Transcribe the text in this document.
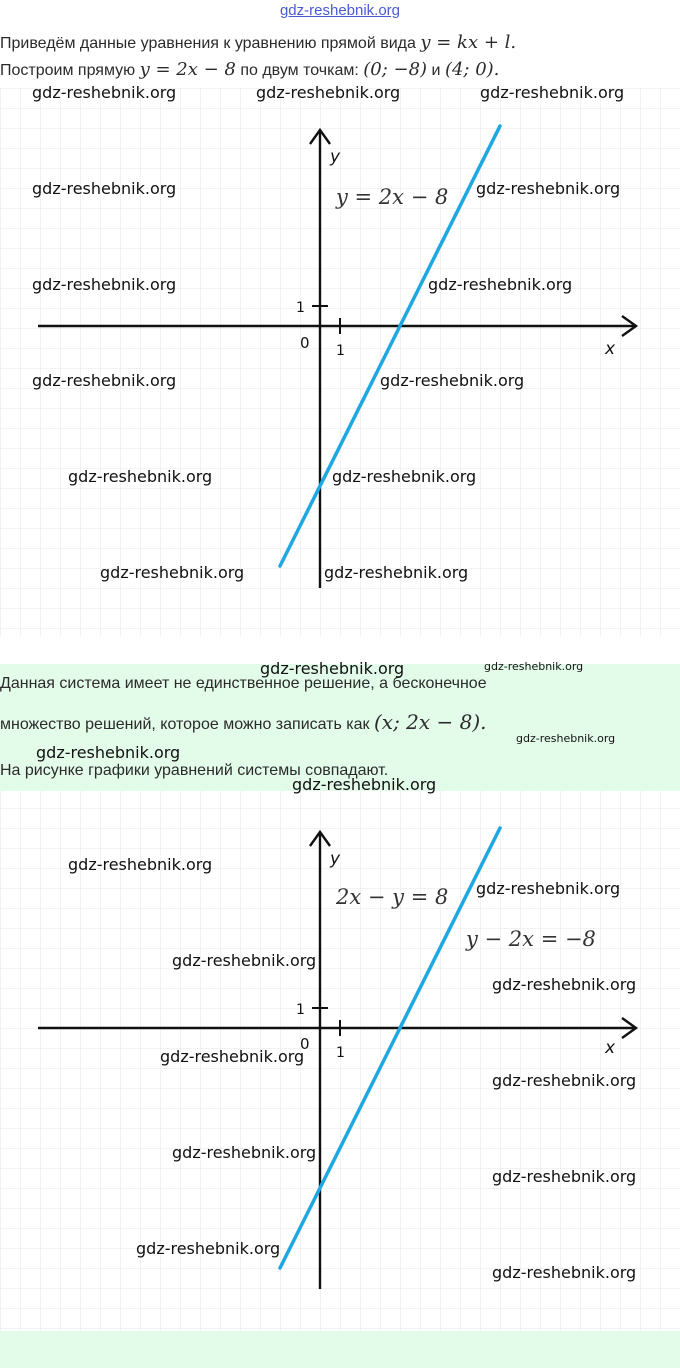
gdz-reshebnik.org
Приведём данные уравнения к уравнению прямой вида y = kx + l.
Построим прямую y = 2x − 8 по двум точкам: (0; −8) и (4; 0).
y
x
0 1
1
y = 2x − 8
Данная система имеет не единственное решение, а бесконечное
множество решений, которое можно записать как (x; 2x − 8).
На рисунке графики уравнений системы совпадают.
y
x
0 1
1
2x − y = 8
y − 2x = −8
gdz-reshebnik.org	gdz-reshebnik.org	gdz-reshebnik.org
gdz-reshebnik.org	gdz-reshebnik.org
gdz-reshebnik.org	gdz-reshebnik.org
gdz-reshebnik.org	gdz-reshebnik.org
gdz-reshebnik.org	gdz-reshebnik.org
gdz-reshebnik.org	gdz-reshebnik.org
gdz-reshebnik.org	gdz-reshebnik.org
gdz-reshebnik.org
gdz-reshebnik.org
gdz-reshebnik.org
gdz-reshebnik.org
gdz-reshebnik.org
gdz-reshebnik.org
gdz-reshebnik.org
gdz-reshebnik.org
gdz-reshebnik.org
gdz-reshebnik.org
gdz-reshebnik.org
gdz-reshebnik.org
gdz-reshebnik.org
